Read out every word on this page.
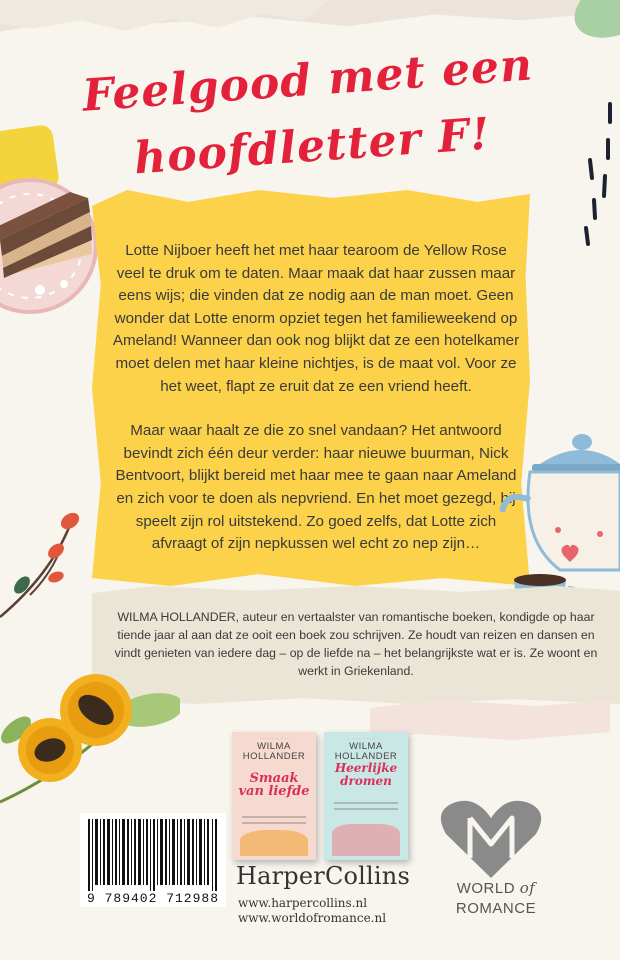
Feelgood met een
hoofdletter F!

Lotte Nijboer heeft het met haar tearoom de Yellow Rose veel te druk om te daten. Maar maak dat haar zussen maar eens wijs; die vinden dat ze nodig aan de man moet. Geen wonder dat Lotte enorm opziet tegen het familieweekend op Ameland! Wanneer dan ook nog blijkt dat ze een hotelkamer moet delen met haar kleine nichtjes, is de maat vol. Voor ze het weet, flapt ze eruit dat ze een vriend heeft.

Maar waar haalt ze die zo snel vandaan? Het antwoord bevindt zich één deur verder: haar nieuwe buurman, Nick Bentvoort, blijkt bereid met haar mee te gaan naar Ameland en zich voor te doen als nepvriend. En het moet gezegd, hij speelt zijn rol uitstekend. Zo goed zelfs, dat Lotte zich afvraagt of zijn nepkussen wel echt zo nep zijn…

WILMA HOLLANDER, auteur en vertaalster van romantische boeken, kondigde op haar tiende jaar al aan dat ze ooit een boek zou schrijven. Ze houdt van reizen en dansen en vindt genieten van iedere dag – op de liefde na – het belangrijkste wat er is. Ze woont en werkt in Griekenland.
· · · · · · · · · · · ·
WILMA HOLLANDER
Smaak van liefde
· · · · · · · · · · · ·
WILMA HOLLANDER
Heerlijke dromen
9 789402 712988
HarperCollins
www.harpercollins.nl
www.worldofromance.nl
WORLD of
ROMANCE
